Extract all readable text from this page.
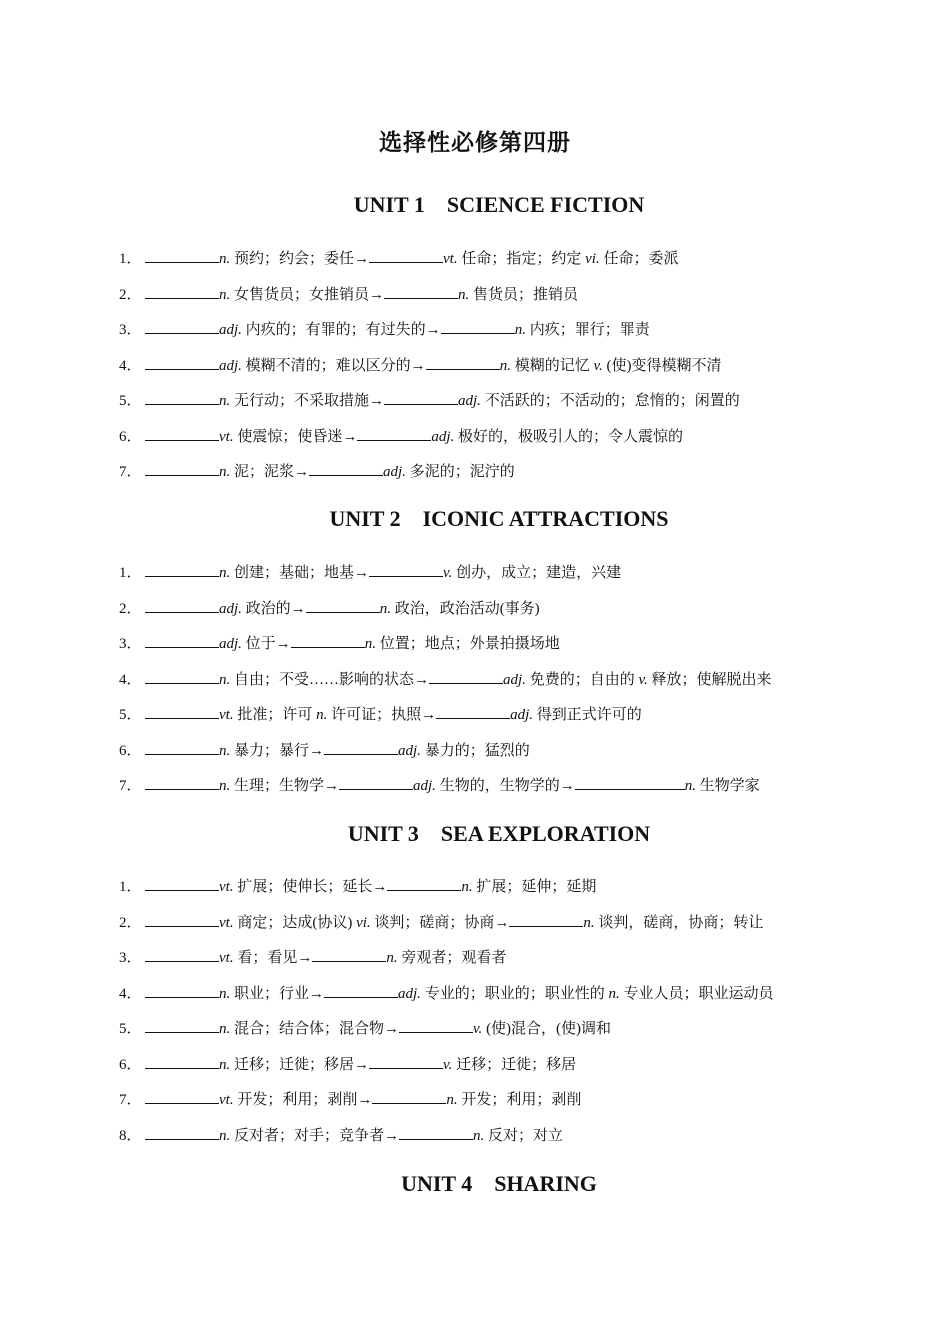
选择性必修第四册
UNIT 1    SCIENCE FICTION
1．	n. 预约；约会；委任→	vt. 任命；指定；约定 vi. 任命；委派
2．	n. 女售货员；女推销员→	n. 售货员；推销员
3．	adj. 内疚的；有罪的；有过失的→	n. 内疚；罪行；罪责
4．	adj. 模糊不清的；难以区分的→	n. 模糊的记忆 v. (使)变得模糊不清
5．	n. 无行动；不采取措施→	adj. 不活跃的；不活动的；怠惰的；闲置的
6．	vt. 使震惊；使昏迷→	adj. 极好的，极吸引人的；令人震惊的
7．	n. 泥；泥浆→	adj. 多泥的；泥泞的
UNIT 2    ICONIC ATTRACTIONS
1．	n. 创建；基础；地基→	v. 创办，成立；建造，兴建
2．	adj. 政治的→	n. 政治，政治活动(事务)
3．	adj. 位于→	n. 位置；地点；外景拍摄场地
4．	n. 自由；不受……影响的状态→	adj. 免费的；自由的 v. 释放；使解脱出来
5．	vt. 批准；许可 n. 许可证；执照→	adj. 得到正式许可的
6．	n. 暴力；暴行→	adj. 暴力的；猛烈的
7．	n. 生理；生物学→	adj. 生物的，生物学的→	n. 生物学家
UNIT 3    SEA EXPLORATION
1．	vt. 扩展；使伸长；延长→	n. 扩展；延伸；延期
2．	vt. 商定；达成(协议) vi. 谈判；磋商；协商→	n. 谈判，磋商，协商；转让
3．	vt. 看；看见→	n. 旁观者；观看者
4．	n. 职业；行业→	adj. 专业的；职业的；职业性的 n. 专业人员；职业运动员
5．	n. 混合；结合体；混合物→	v. (使)混合，(使)调和
6．	n. 迁移；迁徙；移居→	v. 迁移；迁徙；移居
7．	vt. 开发；利用；剥削→	n. 开发；利用；剥削
8．	n. 反对者；对手；竞争者→	n. 反对；对立
UNIT 4    SHARING
